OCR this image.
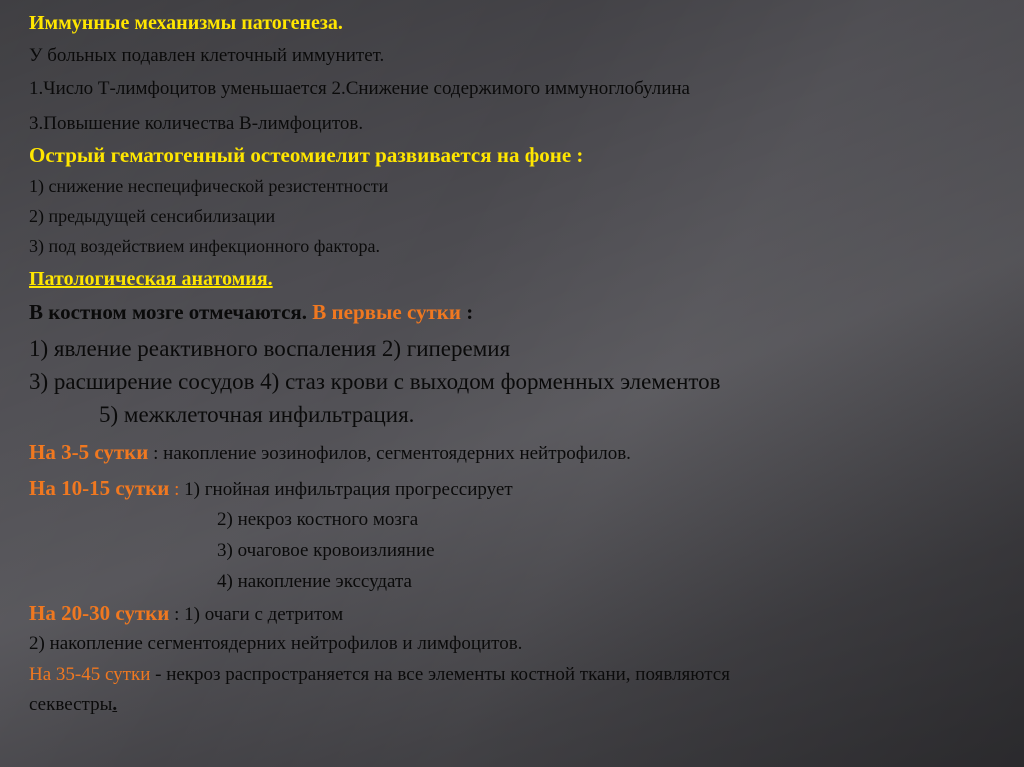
Иммунные механизмы патогенеза.
У больных подавлен клеточный иммунитет.
1.Число Т-лимфоцитов уменьшается 2.Снижение содержимого иммуноглобулина
3.Повышение количества В-лимфоцитов.
Острый гематогенный остеомиелит развивается на фоне :
1) снижение неспецифической резистентности
2) предыдущей сенсибилизации
3) под воздействием инфекционного фактора.
Патологическая анатомия.
В костном мозге отмечаются. В первые сутки :
1) явление реактивного воспаления 2) гиперемия
3) расширение сосудов 4) стаз крови с выходом форменных элементов
5) межклеточная инфильтрация.
На 3-5 сутки : накопление эозинофилов, сегментоядерних нейтрофилов.
На 10-15 сутки : 1) гнойная инфильтрация прогрессирует
2) некроз костного мозга
3) очаговое кровоизлияние
4) накопление экссудата
На 20-30 сутки : 1) очаги с детритом
2) накопление сегментоядерних нейтрофилов и лимфоцитов.
На 35-45 сутки - некроз распространяется на все элементы костной ткани, появляются
секвестры.
